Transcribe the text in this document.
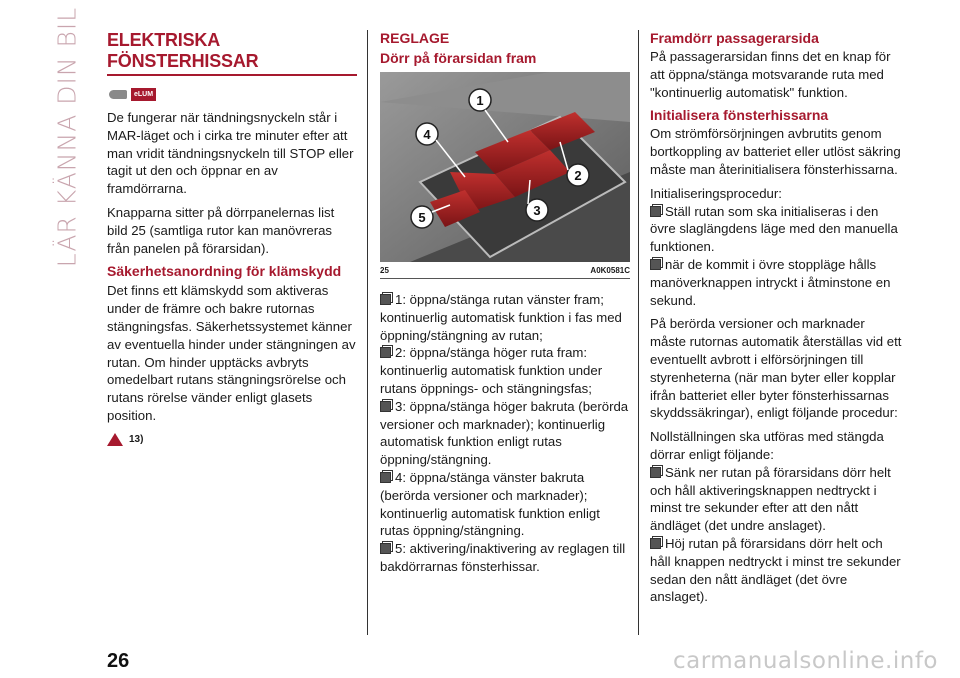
LÄR KÄNNA DIN BIL ELEKTRISKA FÖNSTERHISSAR
eLUM

De fungerar när tändningsnyckeln står i MAR-läget och i cirka tre minuter efter att man vridit tändningsnyckeln till STOP eller tagit ut den och öppnar en av framdörrarna.

Knapparna sitter på dörrpanelernas list bild 25 (samtliga rutor kan manövreras från panelen på förarsidan).

Säkerhetsanordning för klämskydd

Det finns ett klämskydd som aktiveras under de främre och bakre rutornas stängningsfas. Säkerhetssystemet känner av eventuella hinder under stängningen av rutan. Om hinder upptäcks avbryts omedelbart rutans stängningsrörelse och rutans rörelse vänder enligt glasets position.

13)
REGLAGE
Dörr på förarsidan fram
1
2
3
4
5
25	A0K0581C

1: öppna/stänga rutan vänster fram; kontinuerlig automatisk funktion i fas med öppning/stängning av rutan;

2: öppna/stänga höger ruta fram: kontinuerlig automatisk funktion under rutans öppnings- och stängningsfas;

3: öppna/stänga höger bakruta (berörda versioner och marknader); kontinuerlig automatisk funktion enligt rutas öppning/stängning.

4: öppna/stänga vänster bakruta (berörda versioner och marknader); kontinuerlig automatisk funktion enligt rutas öppning/stängning.

5: aktivering/inaktivering av reglagen till bakdörrarnas fönsterhissar.

Framdörr passagerarsida

På passagerarsidan finns det en knap för att öppna/stänga motsvarande ruta med "kontinuerlig automatisk" funktion.

Initialisera fönsterhissarna

Om strömförsörjningen avbrutits genom bortkoppling av batteriet eller utlöst säkring måste man återinitialisera fönsterhissarna.

Initialiseringsprocedur:

Ställ rutan som ska initialiseras i den övre slaglängdens läge med den manuella funktionen.

när de kommit i övre stoppläge hålls manöverknappen intryckt i åtminstone en sekund.

På berörda versioner och marknader måste rutornas automatik återställas vid ett eventuellt avbrott i elförsörjningen till styrenheterna (när man byter eller kopplar ifrån batteriet eller byter fönsterhissarnas skyddssäkringar), enligt följande procedur:

Nollställningen ska utföras med stängda dörrar enligt följande:

Sänk ner rutan på förarsidans dörr helt och håll aktiveringsknappen nedtryckt i minst tre sekunder efter att den nått ändläget (det undre anslaget).

Höj rutan på förarsidans dörr helt och håll knappen nedtryckt i minst tre sekunder sedan den nått ändläget (det övre anslaget).

26	carmanualsonline.info
